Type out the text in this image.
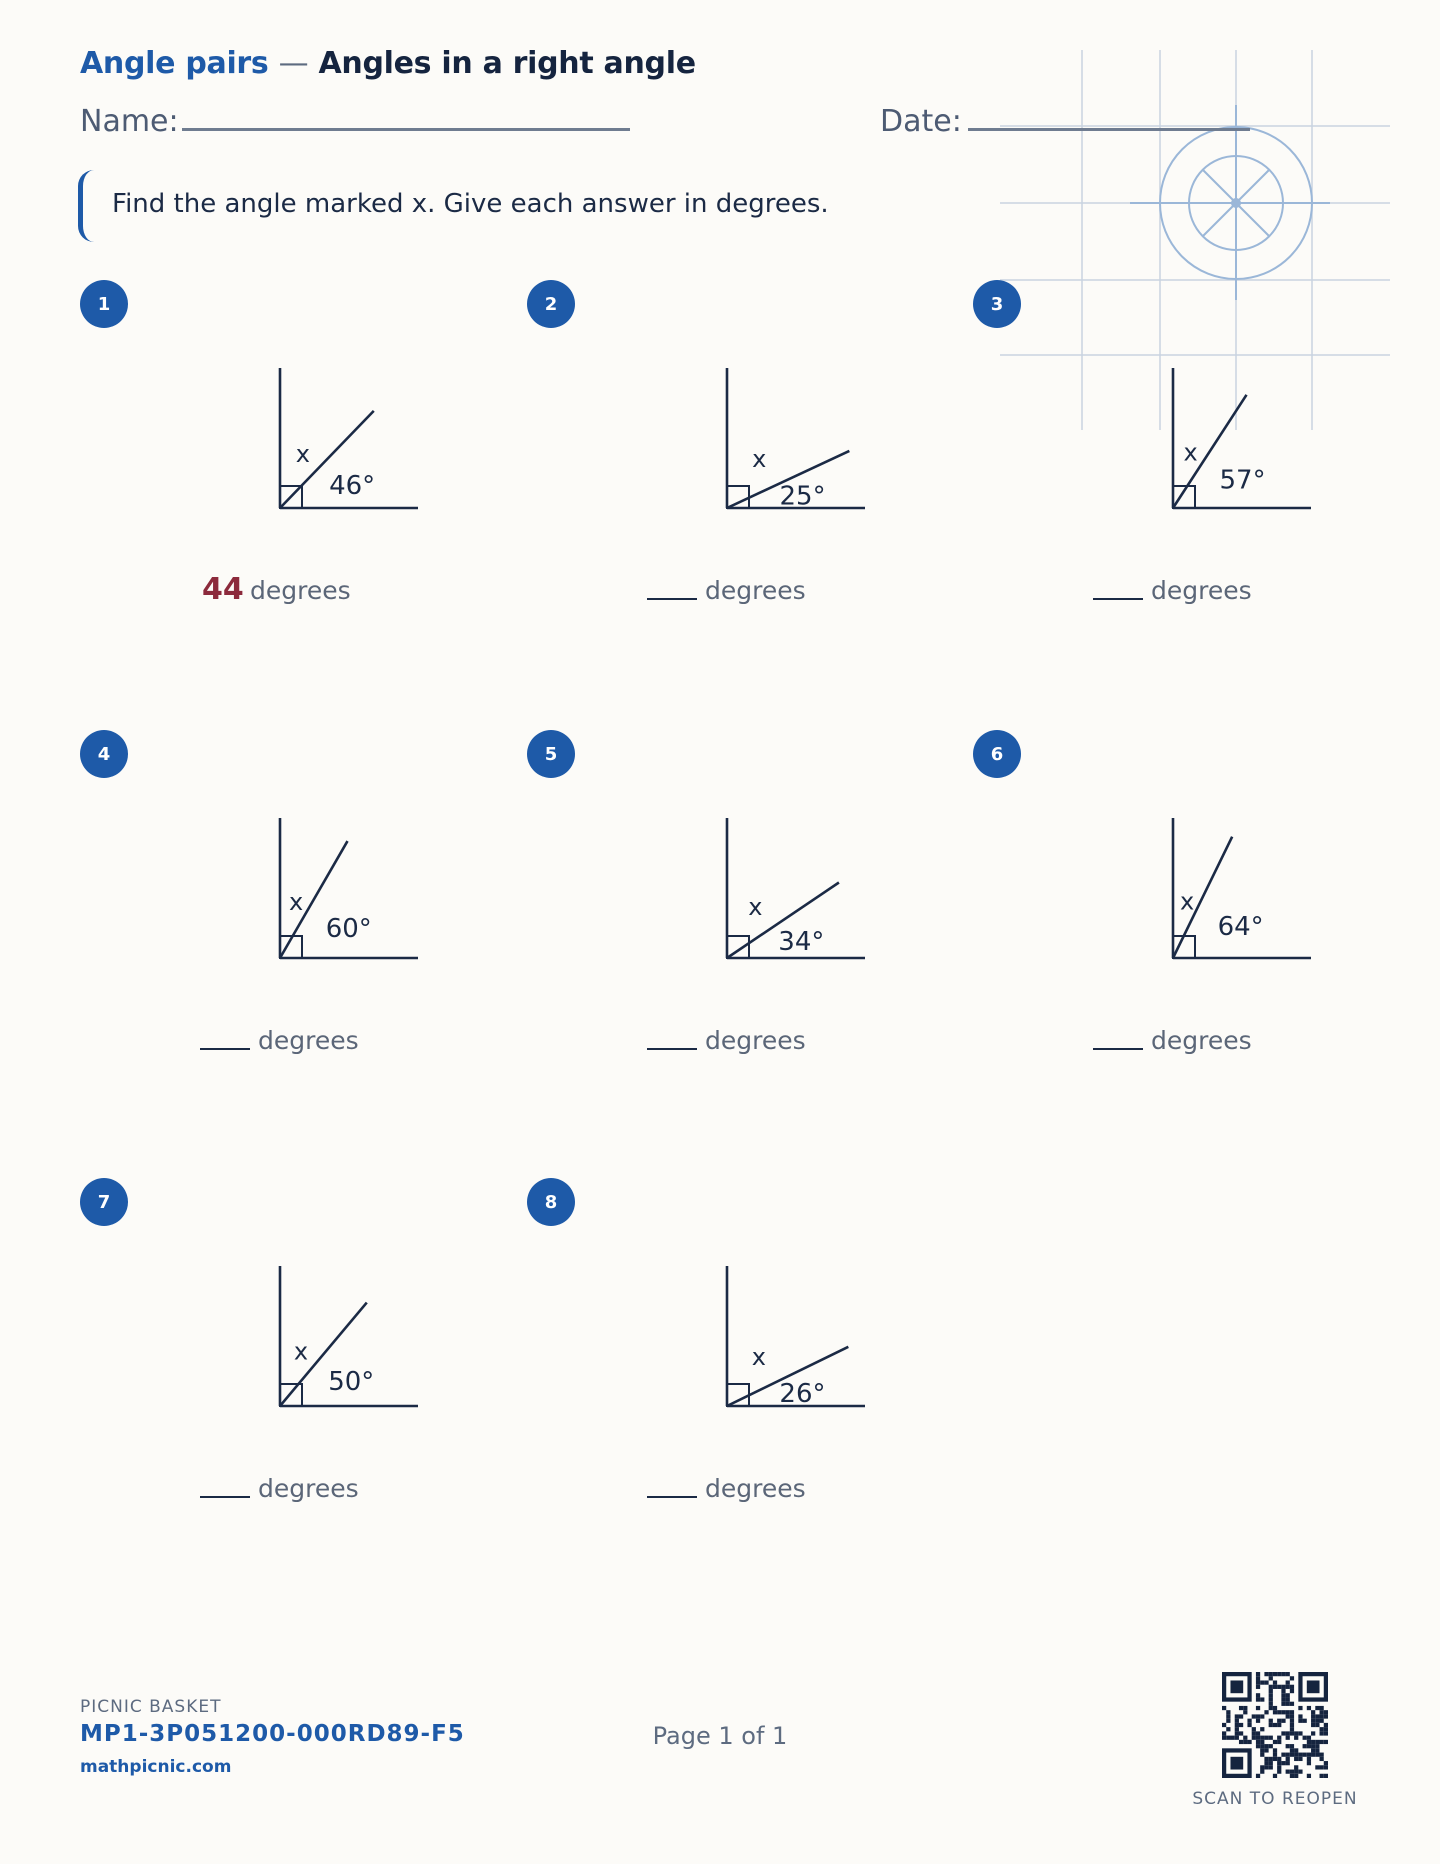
Angle pairs — Angles in a right angle
Name:	Date:
Find the angle marked x. Give each answer in degrees.
1
46°
x
44 degrees
2
25°
x
degrees
3
57°
x
degrees
4
60°
x
degrees
5
34°
x
degrees
6
64°
x
degrees
7
50°
x
degrees
8
26°
x
degrees
PICNIC BASKET
MP1-3P051200-000RD89-F5
mathpicnic.com
Page 1 of 1
SCAN TO REOPEN
